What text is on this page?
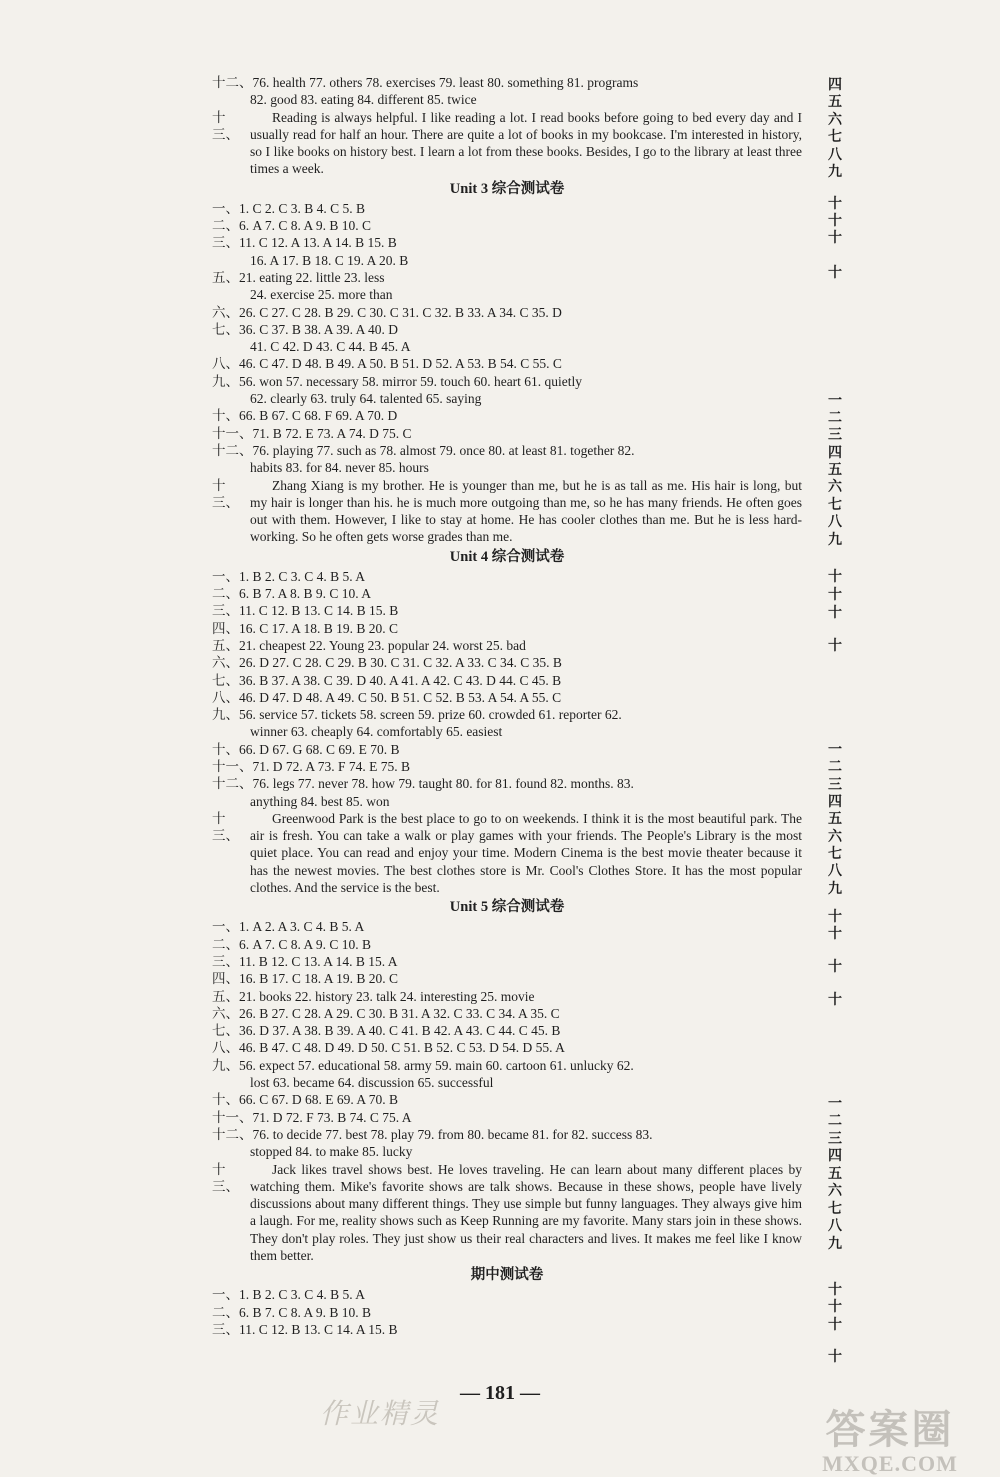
十二、76. health 77. others 78. exercises 79. least 80. something 81. programs
82. good 83. eating 84. different 85. twice
十三、
Reading is always helpful. I like reading a lot. I read books before going to bed every day and I usually read for half an hour. There are quite a lot of books in my bookcase. I'm interested in history, so I like books on history best. I learn a lot from these books. Besides, I go to the library at least three times a week.
Unit 3 综合测试卷
一、1. C 2. C 3. B 4. C 5. B
二、6. A 7. C 8. A 9. B 10. C
三、11. C 12. A 13. A 14. B 15. B
16. A 17. B 18. C 19. A 20. B
五、21. eating 22. little 23. less
24. exercise 25. more than
六、26. C 27. C 28. B 29. C 30. C 31. C 32. B 33. A 34. C 35. D
七、36. C 37. B 38. A 39. A 40. D
41. C 42. D 43. C 44. B 45. A
八、46. C 47. D 48. B 49. A 50. B 51. D 52. A 53. B 54. C 55. C
九、56. won 57. necessary 58. mirror 59. touch 60. heart 61. quietly
62. clearly 63. truly 64. talented 65. saying
十、66. B 67. C 68. F 69. A 70. D
十一、71. B 72. E 73. A 74. D 75. C
十二、76. playing 77. such as 78. almost 79. once 80. at least 81. together 82.
habits 83. for 84. never 85. hours
十三、
Zhang Xiang is my brother. He is younger than me, but he is as tall as me. His hair is long, but my hair is longer than his. he is much more outgoing than me, so he has many friends. He often goes out with them. However, I like to stay at home. He has cooler clothes than me. But he is less hard-working. So he often gets worse grades than me.
Unit 4 综合测试卷
一、1. B 2. C 3. C 4. B 5. A
二、6. B 7. A 8. B 9. C 10. A
三、11. C 12. B 13. C 14. B 15. B
四、16. C 17. A 18. B 19. B 20. C
五、21. cheapest 22. Young 23. popular 24. worst 25. bad
六、26. D 27. C 28. C 29. B 30. C 31. C 32. A 33. C 34. C 35. B
七、36. B 37. A 38. C 39. D 40. A 41. A 42. C 43. D 44. C 45. B
八、46. D 47. D 48. A 49. C 50. B 51. C 52. B 53. A 54. A 55. C
九、56. service 57. tickets 58. screen 59. prize 60. crowded 61. reporter 62.
winner 63. cheaply 64. comfortably 65. easiest
十、66. D 67. G 68. C 69. E 70. B
十一、71. D 72. A 73. F 74. E 75. B
十二、76. legs 77. never 78. how 79. taught 80. for 81. found 82. months. 83.
anything 84. best 85. won
十三、
Greenwood Park is the best place to go to on weekends. I think it is the most beautiful park. The air is fresh. You can take a walk or play games with your friends. The People's Library is the most quiet place. You can read and enjoy your time. Modern Cinema is the best movie theater because it has the newest movies. The best clothes store is Mr. Cool's Clothes Store. It has the most popular clothes. And the service is the best.
Unit 5 综合测试卷
一、1. A 2. A 3. C 4. B 5. A
二、6. A 7. C 8. A 9. C 10. B
三、11. B 12. C 13. A 14. B 15. A
四、16. B 17. C 18. A 19. B 20. C
五、21. books 22. history 23. talk 24. interesting 25. movie
六、26. B 27. C 28. A 29. C 30. B 31. A 32. C 33. C 34. A 35. C
七、36. D 37. A 38. B 39. A 40. C 41. B 42. A 43. C 44. C 45. B
八、46. B 47. C 48. D 49. D 50. C 51. B 52. C 53. D 54. D 55. A
九、56. expect 57. educational 58. army 59. main 60. cartoon 61. unlucky 62.
lost 63. became 64. discussion 65. successful
十、66. C 67. D 68. E 69. A 70. B
十一、71. D 72. F 73. B 74. C 75. A
十二、76. to decide 77. best 78. play 79. from 80. became 81. for 82. success 83.
stopped 84. to make 85. lucky
十三、
Jack likes travel shows best. He loves traveling. He can learn about many different places by watching them. Mike's favorite shows are talk shows. Because in these shows, people have lively discussions about many different things. They use simple but funny languages. They always give him a laugh. For me, reality shows such as Keep Running are my favorite. Many stars join in these shows. They don't play roles. They just show us their real characters and lives. It makes me feel like I know them better.
期中测试卷
一、1. B 2. C 3. C 4. B 5. A
二、6. B 7. C 8. A 9. B 10. B
三、11. C 12. B 13. C 14. A 15. B
四
五
六
七
八
九
十
十
十
十
一
二
三
四
五
六
七
八
九
十
十
十
十
一
二
三
四
五
六
七
八
九
十
十
十
十
一
二
三
四
五
六
七
八
九
十
十
十
十
— 181 —
作业精灵	答案圈
MXQE.COM
